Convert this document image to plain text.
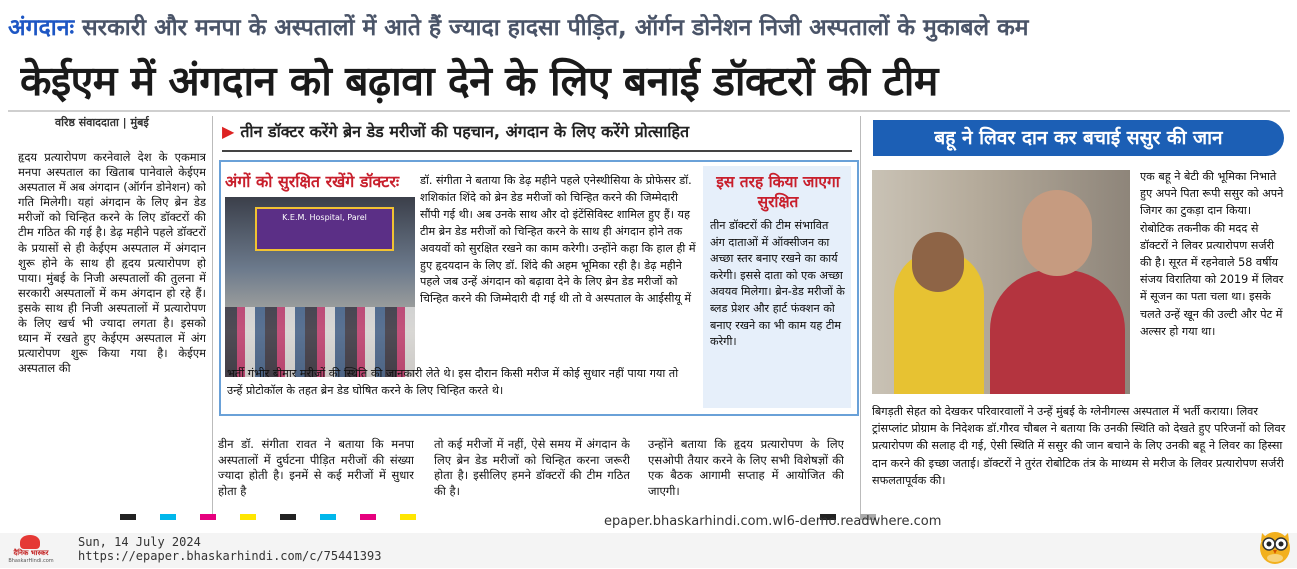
अंगदानः सरकारी और मनपा के अस्पतालों में आते हैं ज्यादा हादसा पीड़ित, ऑर्गन डोनेशन निजी अस्पतालों के मुकाबले कम
केईएम में अंगदान को बढ़ावा देने के लिए बनाई डॉक्टरों की टीम
वरिष्ठ संवाददाता | मुंबई
हृदय प्रत्यारोपण करनेवाले देश के एकमात्र मनपा अस्पताल का खिताब पानेवाले केईएम अस्पताल में अब अंगदान (ऑर्गन डोनेशन) को गति मिलेगी। यहां अंगदान के लिए ब्रेन डेड मरीजों को चिन्हित करने के लिए डॉक्टरों की टीम गठित की गई है। डेढ़ महीने पहले डॉक्टरों के प्रयासों से ही केईएम अस्पताल में अंगदान शुरू होने के साथ ही हृदय प्रत्यारोपण हो पाया। मुंबई के निजी अस्पतालों की तुलना में सरकारी अस्पतालों में कम अंगदान हो रहे हैं। इसके साथ ही निजी अस्पतालों में प्रत्यारोपण के लिए खर्च भी ज्यादा लगता है। इसको ध्यान में रखते हुए केईएम अस्पताल में अंग प्रत्यारोपण शुरू किया गया है। केईएम अस्पताल की
▶ तीन डॉक्टर करेंगे ब्रेन डेड मरीजों की पहचान, अंगदान के लिए करेंगे प्रोत्साहित
अंगों को सुरक्षित रखेंगे डॉक्टरः
K.E.M. Hospital, Parel
डॉ. संगीता ने बताया कि डेढ़ महीने पहले एनेस्थीसिया के प्रोफेसर डॉ. शशिकांत शिंदे को ब्रेन डेड मरीजों को चिन्हित करने की जिम्मेदारी सौंपी गई थी। अब उनके साथ और दो इंटेंसिविस्ट शामिल हुए हैं। यह टीम ब्रेन डेड मरीजों को चिन्हित करने के साथ ही अंगदान होने तक अवयवों को सुरक्षित रखने का काम करेगी। उन्होंने कहा कि हाल ही में हुए हृदयदान के लिए डॉ. शिंदे की अहम भूमिका रही है। डेढ़ महीने पहले जब उन्हें अंगदान को बढ़ावा देने के लिए ब्रेन डेड मरीजों को चिन्हित करने की जिम्मेदारी दी गई थी तो वे अस्पताल के आईसीयू में
भर्ती गंभीर बीमार मरीजों की स्थिति की जानकारी लेते थे। इस दौरान किसी मरीज में कोई सुधार नहीं पाया गया तो उन्हें प्रोटोकॉल के तहत ब्रेन डेड घोषित करने के लिए चिन्हित करते थे।
इस तरह किया जाएगा सुरक्षित
तीन डॉक्टरों की टीम संभावित अंग दाताओं में ऑक्सीजन का अच्छा स्तर बनाए रखने का कार्य करेगी। इससे दाता को एक अच्छा अवयव मिलेगा। ब्रेन-डेड मरीजों के ब्लड प्रेशर और हार्ट फंक्शन को बनाए रखने का भी काम यह टीम करेगी।
डीन डॉ. संगीता रावत ने बताया कि मनपा अस्पतालों में दुर्घटना पीड़ित मरीजों की संख्या ज्यादा होती है। इनमें से कई मरीजों में सुधार होता है
तो कई मरीजों में नहीं, ऐसे समय में अंगदान के लिए ब्रेन डेड मरीजों को चिन्हित करना जरूरी होता है। इसीलिए हमने डॉक्टरों की टीम गठित की है।
उन्होंने बताया कि हृदय प्रत्यारोपण के लिए एसओपी तैयार करने के लिए सभी विशेषज्ञों की एक बैठक आगामी सप्ताह में आयोजित की जाएगी।
बहू ने लिवर दान कर बचाई ससुर की जान
एक बहू ने बेटी की भूमिका निभाते हुए अपने पिता रूपी ससुर को अपने जिगर का टुकड़ा दान किया। रोबोटिक तकनीक की मदद से डॉक्टरों ने लिवर प्रत्यारोपण सर्जरी की है। सूरत में रहनेवाले 58 वर्षीय संजय विरातिया को 2019 में लिवर में सूजन का पता चला था। इसके चलते उन्हें खून की उल्टी और पेट में अल्सर हो गया था।
बिगड़ती सेहत को देखकर परिवारवालों ने उन्हें मुंबई के ग्लेनीगल्स अस्पताल में भर्ती कराया। लिवर ट्रांसप्लांट प्रोग्राम के निदेशक डॉ.गौरव चौबल ने बताया कि उनकी स्थिति को देखते हुए परिजनों को लिवर प्रत्यारोपण की सलाह दी गई, ऐसी स्थिति में ससुर की जान बचाने के लिए उनकी बहू ने लिवर का हिस्सा दान करने की इच्छा जताई। डॉक्टरों ने तुरंत रोबोटिक तंत्र के माध्यम से मरीज के लिवर प्रत्यारोपण सर्जरी सफलतापूर्वक की।
epaper.bhaskarhindi.com.wl6-demo.readwhere.com
दैनिक भास्कर
BhaskarHindi.com
Sun, 14 July 2024
https://epaper.bhaskarhindi.com/c/75441393
